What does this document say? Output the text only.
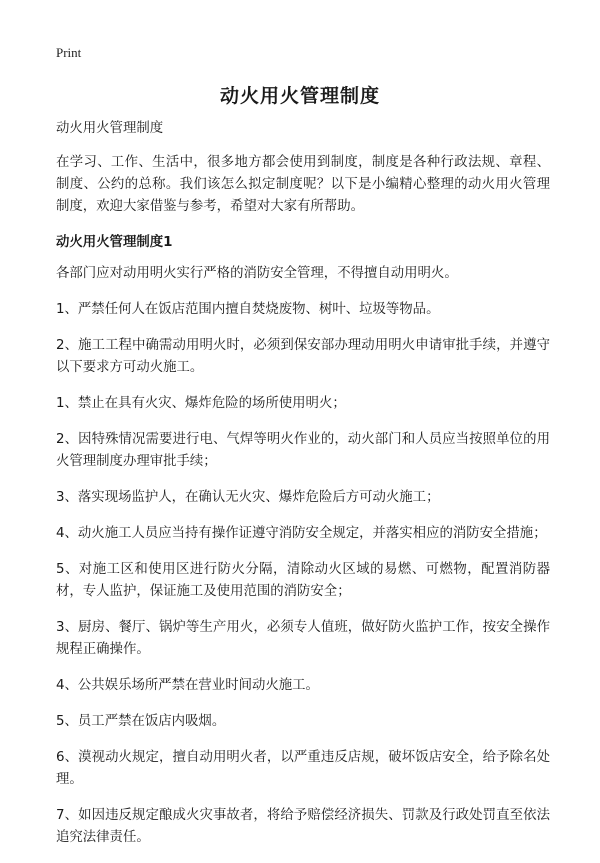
Print
动火用火管理制度

动火用火管理制度

在学习、工作、生活中，很多地方都会使用到制度，制度是各种行政法规、章程、制度、公约的总称。我们该怎么拟定制度呢？以下是小编精心整理的动火用火管理制度，欢迎大家借鉴与参考，希望对大家有所帮助。

动火用火管理制度1

各部门应对动用明火实行严格的消防安全管理，不得擅自动用明火。

1、严禁任何人在饭店范围内擅自焚烧废物、树叶、垃圾等物品。

2、施工工程中确需动用明火时，必须到保安部办理动用明火申请审批手续，并遵守以下要求方可动火施工。

1、禁止在具有火灾、爆炸危险的场所使用明火；

2、因特殊情况需要进行电、气焊等明火作业的，动火部门和人员应当按照单位的用火管理制度办理审批手续；

3、落实现场监护人，在确认无火灾、爆炸危险后方可动火施工；

4、动火施工人员应当持有操作证遵守消防安全规定，并落实相应的消防安全措施；

5、对施工区和使用区进行防火分隔，清除动火区域的易燃、可燃物，配置消防器材，专人监护，保证施工及使用范围的消防安全；

3、厨房、餐厅、锅炉等生产用火，必须专人值班，做好防火监护工作，按安全操作规程正确操作。

4、公共娱乐场所严禁在营业时间动火施工。

5、员工严禁在饭店内吸烟。

6、漠视动火规定，擅自动用明火者，以严重违反店规，破坏饭店安全，给予除名处理。

7、如因违反规定酿成火灾事故者，将给予赔偿经济损失、罚款及行政处罚直至依法追究法律责任。
